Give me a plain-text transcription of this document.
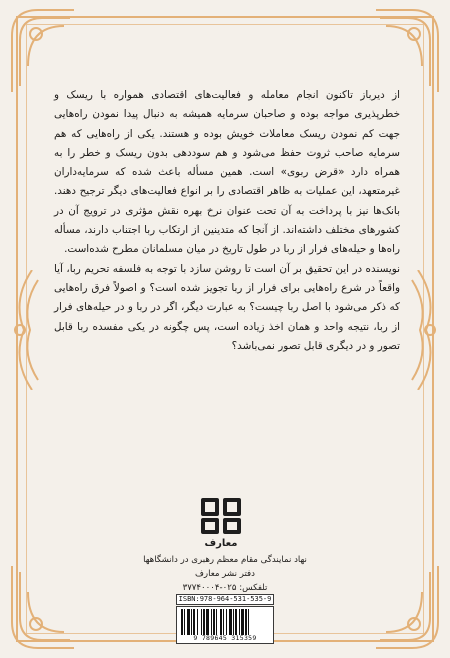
از دیرباز تاکنون انجام معامله و فعالیت‌های اقتصادی همواره با ریسک و خطرپذیری مواجه بوده و صاحبان سرمایه همیشه به دنبال پیدا نمودن راه‌هایی جهت کم نمودن ریسک معاملات خویش بوده و هستند. یکی از راه‌هایی که هم سرمایه صاحب ثروت حفظ می‌شود و هم سوددهی بدون ریسک و خطر را به همراه دارد «قرض ربوی» است. همین مسأله باعث شده که سرمایه‌داران غیرمتعهد، این عملیات به ظاهر اقتصادی را بر انواع فعالیت‌های دیگر ترجیح دهند. بانک‌ها نیز با پرداخت به آن تحت عنوان نرخ بهره نقش مؤثری در ترویج آن در کشورهای مختلف داشته‌اند. از آنجا که متدینین از ارتکاب ربا اجتناب دارند، مسأله راه‌ها و حیله‌های فرار از ربا در طول تاریخ در میان مسلمانان مطرح شده‌است.

نویسنده در این تحقیق بر آن است تا روشن سازد با توجه به فلسفه تحریم ربا، آیا واقعاً در شرع راه‌هایی برای فرار از ربا تجویز شده است؟ و اصولاً فرق راه‌هایی که ذکر می‌شود با اصل ربا چیست؟ به عبارت دیگر، اگر در ربا و در حیله‌های فرار از ربا، نتیجه واحد و همان اخذ زیاده است، پس چگونه در یکی مفسده ربا قابل تصور و در دیگری قابل تصور نمی‌باشد؟

معارف
نهاد نمایندگی مقام معظم رهبری در دانشگاهها
دفتر نشر معارف
تلفکس: ۰۲۵-۳۷۷۴۰۰۰۴
ISBN:978-964-531-535-9
9 789645 315359
